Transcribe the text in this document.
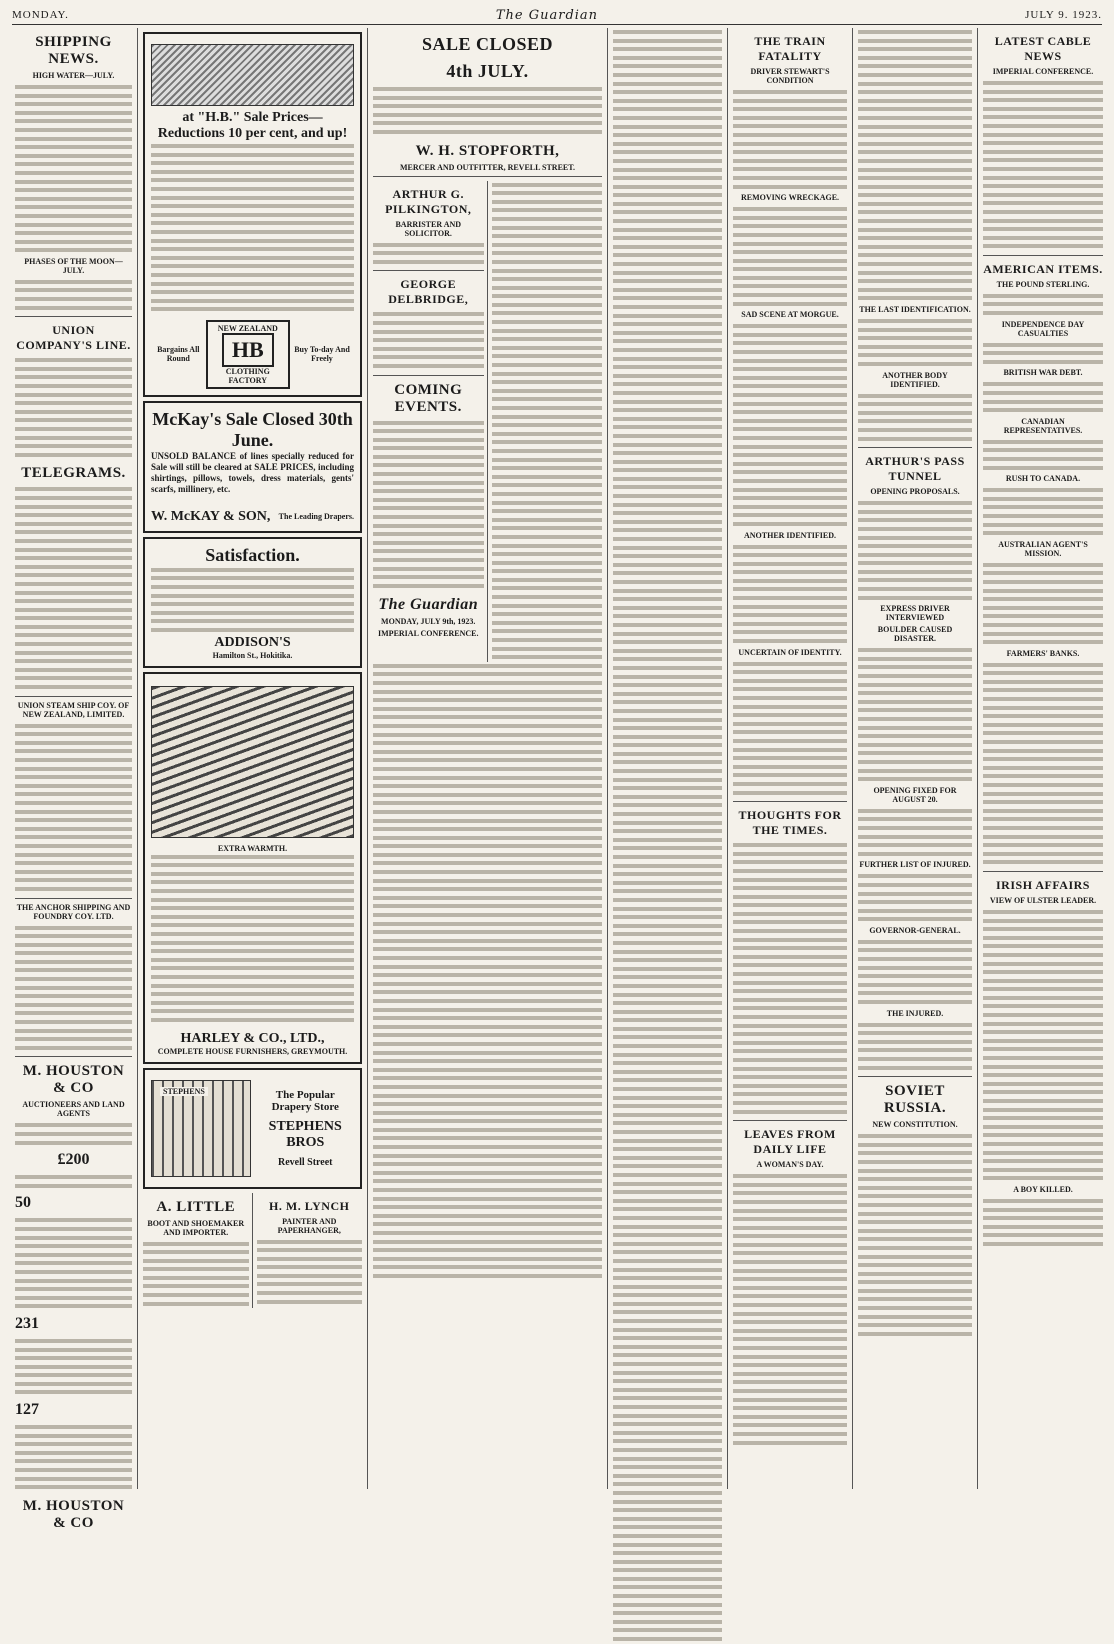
MONDAY.	The Guardian	JULY 9. 1923.
SHIPPING NEWS.
HIGH WATER—JULY.
PHASES OF THE MOON—JULY.
UNION COMPANY'S LINE.
TELEGRAMS.
UNION STEAM SHIP COY. OF NEW ZEALAND, LIMITED.
THE ANCHOR SHIPPING AND FOUNDRY COY. LTD.
M. HOUSTON & CO
AUCTIONEERS AND LAND AGENTS
£200
50
231
127
M. HOUSTON & CO
at "H.B." Sale Prices—Reductions 10 per cent, and up!
Bargains All Round
NEW ZEALAND
HB
CLOTHING FACTORY
Buy To-day And Freely
McKay's Sale Closed 30th June.

UNSOLD BALANCE of lines specially reduced for Sale will still be cleared at SALE PRICES, including shirtings, pillows, towels, dress materials, gents' scarfs, millinery, etc.

W. McKAY & SON, The Leading Drapers.
Satisfaction.
ADDISON'S
Hamilton St., Hokitika.
EXTRA WARMTH.
HARLEY & CO., LTD.,
COMPLETE HOUSE FURNISHERS, GREYMOUTH.
STEPHENS	The Popular Drapery Store
STEPHENS BROS
Revell Street
A. LITTLE
BOOT AND SHOEMAKER AND IMPORTER.
H. M. LYNCH
PAINTER AND PAPERHANGER,
SALE CLOSED
4th JULY.
W. H. STOPFORTH,
MERCER AND OUTFITTER, REVELL STREET.
ARTHUR G. PILKINGTON,
BARRISTER AND SOLICITOR.
GEORGE DELBRIDGE,
COMING EVENTS.
The Guardian
MONDAY, JULY 9th, 1923.
IMPERIAL CONFERENCE.
THE TRAIN FATALITY
DRIVER STEWART'S CONDITION
REMOVING WRECKAGE.
SAD SCENE AT MORGUE.
ANOTHER IDENTIFIED.
UNCERTAIN OF IDENTITY.
THOUGHTS FOR THE TIMES.
LEAVES FROM DAILY LIFE
A WOMAN'S DAY.
THE LAST IDENTIFICATION.
ANOTHER BODY IDENTIFIED.
ARTHUR'S PASS TUNNEL
OPENING PROPOSALS.
EXPRESS DRIVER INTERVIEWED
BOULDER CAUSED DISASTER.
OPENING FIXED FOR AUGUST 20.
FURTHER LIST OF INJURED.
GOVERNOR-GENERAL.
THE INJURED.
SOVIET RUSSIA.
NEW CONSTITUTION.
LATEST CABLE NEWS
IMPERIAL CONFERENCE.
AMERICAN ITEMS.
THE POUND STERLING.
INDEPENDENCE DAY CASUALTIES
BRITISH WAR DEBT.
CANADIAN REPRESENTATIVES.
RUSH TO CANADA.
AUSTRALIAN AGENT'S MISSION.
FARMERS' BANKS.
IRISH AFFAIRS
VIEW OF ULSTER LEADER.
A BOY KILLED.
